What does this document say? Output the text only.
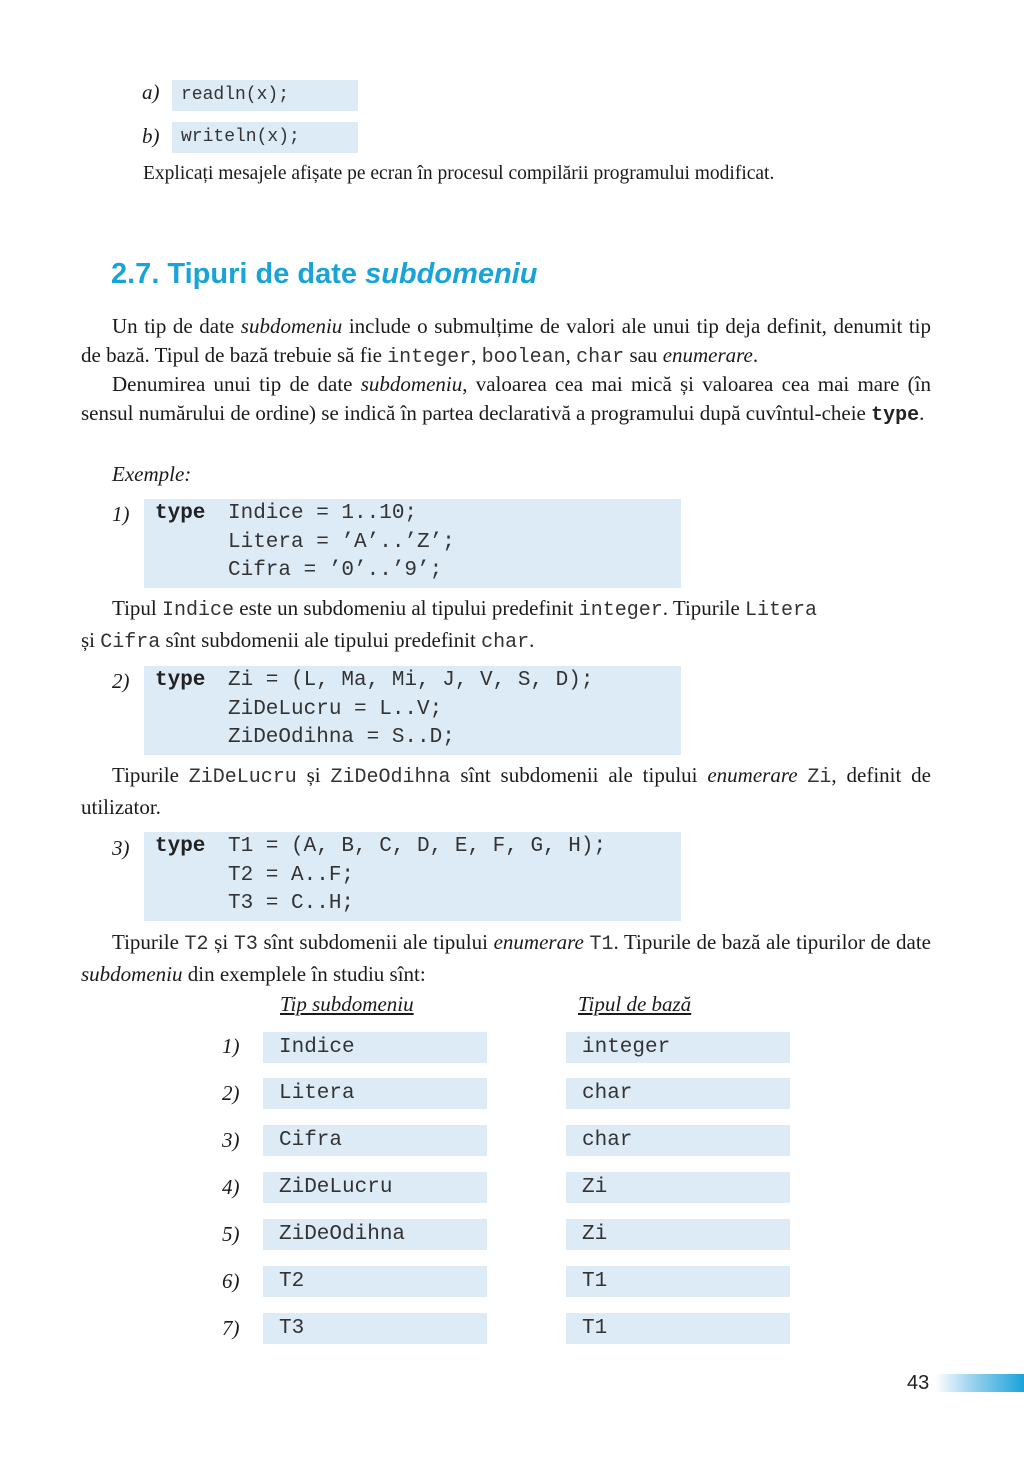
a)	readln(x);
b)	writeln(x);
Explicați mesajele afișate pe ecran în procesul compilării programului modificat.
2.7. Tipuri de date subdomeniu
Un tip de date subdomeniu include o submulțime de valori ale unui tip deja definit, denumit tip de bază. Tipul de bază trebuie să fie integer, boolean, char sau enumerare.
Denumirea unui tip de date subdomeniu, valoarea cea mai mică și valoarea cea mai mare (în sensul numărului de ordine) se indică în partea declarativă a programului după cuvîntul-cheie type.
Exemple:
1) type Indice = 1..10;
Litera = ’A’..’Z’;
Cifra = ’0’..’9’;
Tipul Indice este un subdomeniu al tipului predefinit integer. Tipurile Litera
și Cifra sînt subdomenii ale tipului predefinit char.
2) type Zi = (L, Ma, Mi, J, V, S, D);
ZiDeLucru = L..V;
ZiDeOdihna = S..D;
Tipurile ZiDeLucru și ZiDeOdihna sînt subdomenii ale tipului enumerare Zi, definit de utilizator.
3) type T1 = (A, B, C, D, E, F, G, H);
T2 = A..F;
T3 = C..H;
Tipurile T2 și T3 sînt subdomenii ale tipului enumerare T1. Tipurile de bază ale tipurilor de date subdomeniu din exemplele în studiu sînt:
Tip subdomeniu	Tipul de bază
1)	Indice	integer
2)	Litera	char
3)	Cifra	char
4)	ZiDeLucru	Zi
5)	ZiDeOdihna	Zi
6)	T2	T1
7)	T3	T1
43
